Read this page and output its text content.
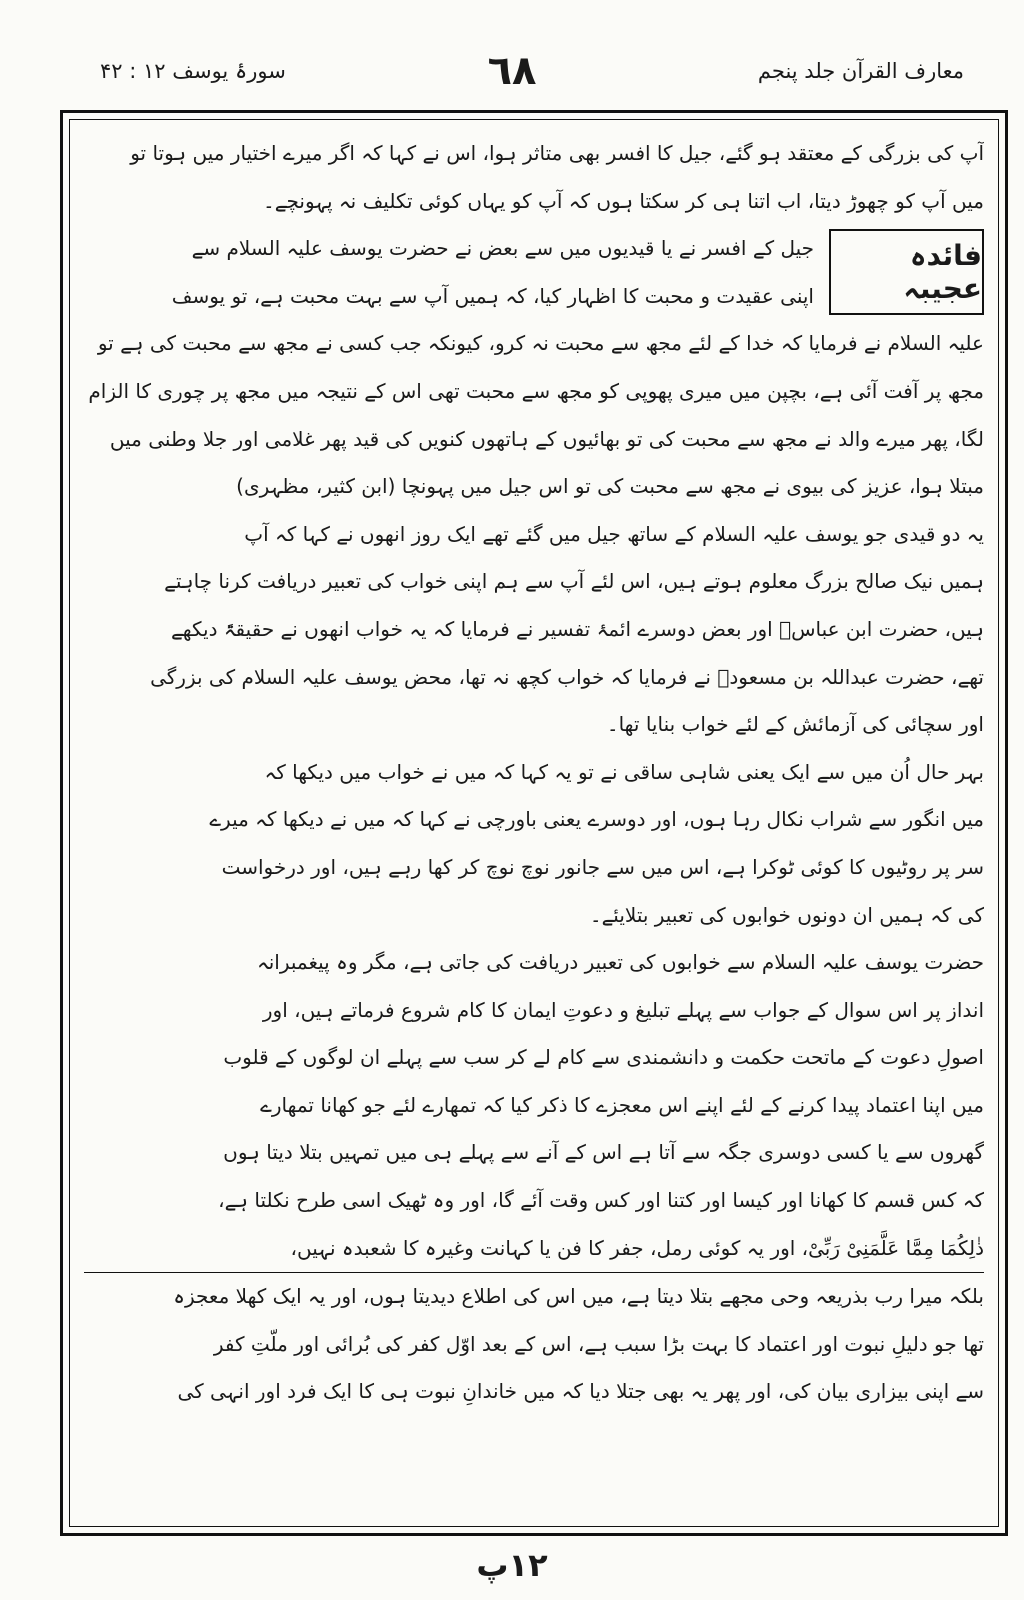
معارف القرآن جلد پنجم
٦٨
سورۂ یوسف ۱۲ : ۴۲
آپ کی بزرگی کے معتقد ہو گئے، جیل کا افسر بھی متاثر ہوا، اس نے کہا کہ اگر میرے اختیار میں ہوتا تو
میں آپ کو چھوڑ دیتا، اب اتنا ہی کر سکتا ہوں کہ آپ کو یہاں کوئی تکلیف نہ پہونچے۔
فائدہ عجیبہ
جیل کے افسر نے یا قیدیوں میں سے بعض نے حضرت یوسف علیہ السلام سے
اپنی عقیدت و محبت کا اظہار کیا، کہ ہمیں آپ سے بہت محبت ہے، تو یوسف
علیہ السلام نے فرمایا کہ خدا کے لئے مجھ سے محبت نہ کرو، کیونکہ جب کسی نے مجھ سے محبت کی ہے تو
مجھ پر آفت آئی ہے، بچپن میں میری پھوپی کو مجھ سے محبت تھی اس کے نتیجہ میں مجھ پر چوری کا الزام
لگا، پھر میرے والد نے مجھ سے محبت کی تو بھائیوں کے ہاتھوں کنویں کی قید پھر غلامی اور جلا وطنی میں
مبتلا ہوا، عزیز کی بیوی نے مجھ سے محبت کی تو اس جیل میں پہونچا (ابن کثیر، مظہری)
یہ دو قیدی جو یوسف علیہ السلام کے ساتھ جیل میں گئے تھے ایک روز انھوں نے کہا کہ آپ
ہمیں نیک صالح بزرگ معلوم ہوتے ہیں، اس لئے آپ سے ہم اپنی خواب کی تعبیر دریافت کرنا چاہتے
ہیں، حضرت ابن عباسؓ اور بعض دوسرے ائمۂ تفسیر نے فرمایا کہ یہ خواب انھوں نے حقیقۃً دیکھے
تھے، حضرت عبداللہ بن مسعودؓ نے فرمایا کہ خواب کچھ نہ تھا، محض یوسف علیہ السلام کی بزرگی
اور سچائی کی آزمائش کے لئے خواب بنایا تھا۔
بہر حال اُن میں سے ایک یعنی شاہی ساقی نے تو یہ کہا کہ میں نے خواب میں دیکھا کہ
میں انگور سے شراب نکال رہا ہوں، اور دوسرے یعنی باورچی نے کہا کہ میں نے دیکھا کہ میرے
سر پر روٹیوں کا کوئی ٹوکرا ہے، اس میں سے جانور نوچ نوچ کر کھا رہے ہیں، اور درخواست
کی کہ ہمیں ان دونوں خوابوں کی تعبیر بتلایئے۔
حضرت یوسف علیہ السلام سے خوابوں کی تعبیر دریافت کی جاتی ہے، مگر وہ پیغمبرانہ
انداز پر اس سوال کے جواب سے پہلے تبلیغ و دعوتِ ایمان کا کام شروع فرماتے ہیں، اور
اصولِ دعوت کے ماتحت حکمت و دانشمندی سے کام لے کر سب سے پہلے ان لوگوں کے قلوب
میں اپنا اعتماد پیدا کرنے کے لئے اپنے اس معجزے کا ذکر کیا کہ تمھارے لئے جو کھانا تمھارے
گھروں سے یا کسی دوسری جگہ سے آتا ہے اس کے آنے سے پہلے ہی میں تمہیں بتلا دیتا ہوں
کہ کس قسم کا کھانا اور کیسا اور کتنا اور کس وقت آئے گا، اور وہ ٹھیک اسی طرح نکلتا ہے،
ذٰلِکُمَا مِمَّا عَلَّمَنِیْ رَبِّیْ، اور یہ کوئی رمل، جفر کا فن یا کہانت وغیرہ کا شعبدہ نہیں،
بلکہ میرا رب بذریعہ وحی مجھے بتلا دیتا ہے، میں اس کی اطلاع دیدیتا ہوں، اور یہ ایک کھلا معجزہ
تھا جو دلیلِ نبوت اور اعتماد کا بہت بڑا سبب ہے، اس کے بعد اوّل کفر کی بُرائی اور ملّتِ کفر
سے اپنی بیزاری بیان کی، اور پھر یہ بھی جتلا دیا کہ میں خاندانِ نبوت ہی کا ایک فرد اور انہی کی
۱۲پ
